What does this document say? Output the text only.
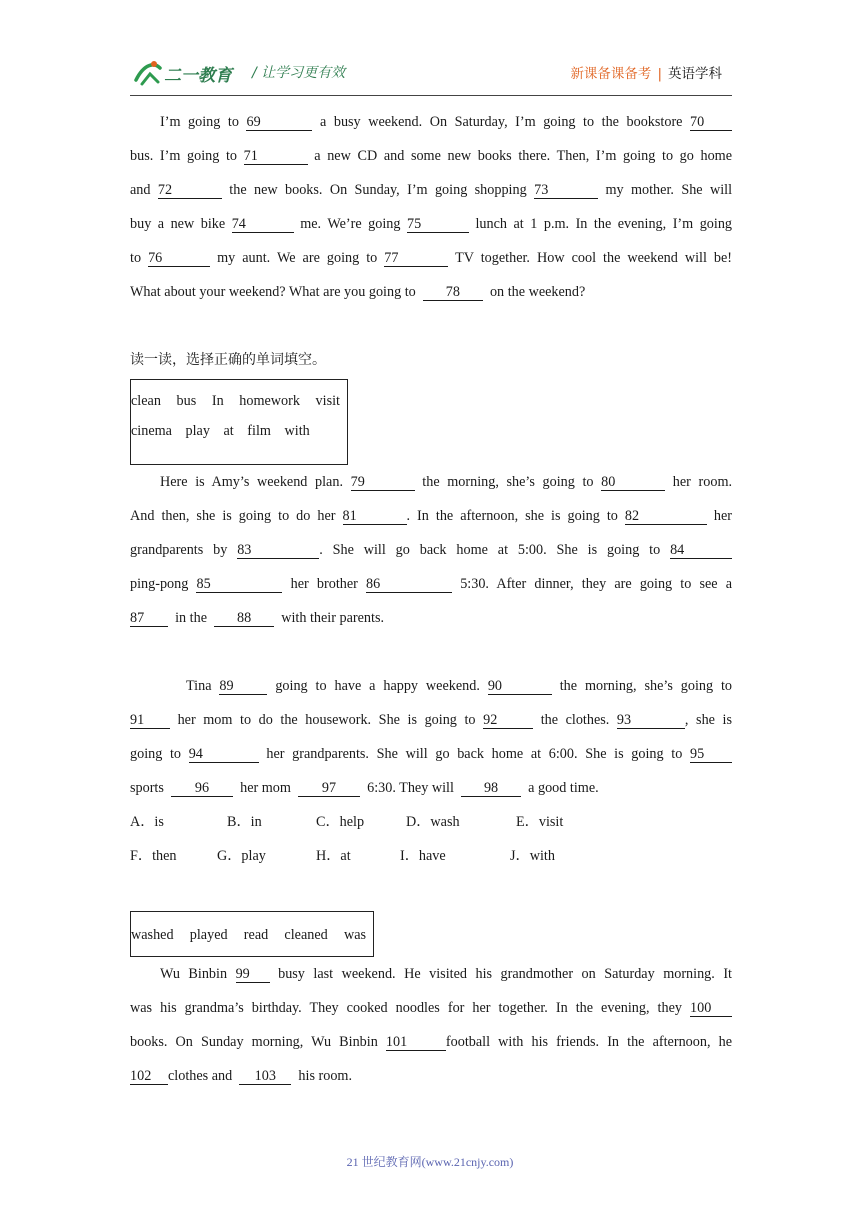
二一教育 / 让学习更有效	新课备课备考 | 英语学科

I’m going to 69	a busy weekend. On Saturday, I’m going to the bookstore 70

bus. I’m going to 71	a new CD and some new books there. Then, I’m going to go home

and 72	the new books. On Sunday, I’m going shopping 73	my mother. She will

buy a new bike 74	me. We’re going 75	lunch at 1 p.m. In the evening, I’m going

to 76	my aunt. We are going to 77	TV together. How cool the weekend will be!

What about your weekend? What are you going to 78 on the weekend?

读一读，选择正确的单词填空。

clean bus In homework visit

cinema play at film with

Here is Amy’s weekend plan. 79	the morning, she’s going to 80	her room.

And then, she is going to do her 81	. In the afternoon, she is going to 82	her

grandparents by 83	. She will go back home at 5:00. She is going to 84

ping-pong 85	her brother 86	5:30. After dinner, they are going to see a

87 in the 88 with their parents.

Tina 89	going to have a happy weekend. 90	the morning, she’s going to

91 her mom to do the housework. She is going to 92	the clothes. 93	, she is

going to 94	her grandparents. She will go back home at 6:00. She is going to 95

sports 96 her mom 97 6:30. They will 98 a good time.

A．is	B．in	C．help	D．wash	E．visit

F．then	G．play	H．at	I．have	J．with

washed played read cleaned was

Wu Binbin 99 busy last weekend. He visited his grandmother on Saturday morning. It

was his grandma’s birthday. They cooked noodles for her together. In the evening, they 100

books. On Sunday morning, Wu Binbin 101	football with his friends. In the afternoon, he

102 clothes and 103 his room.

21 世纪教育网(www.21cnjy.com)
